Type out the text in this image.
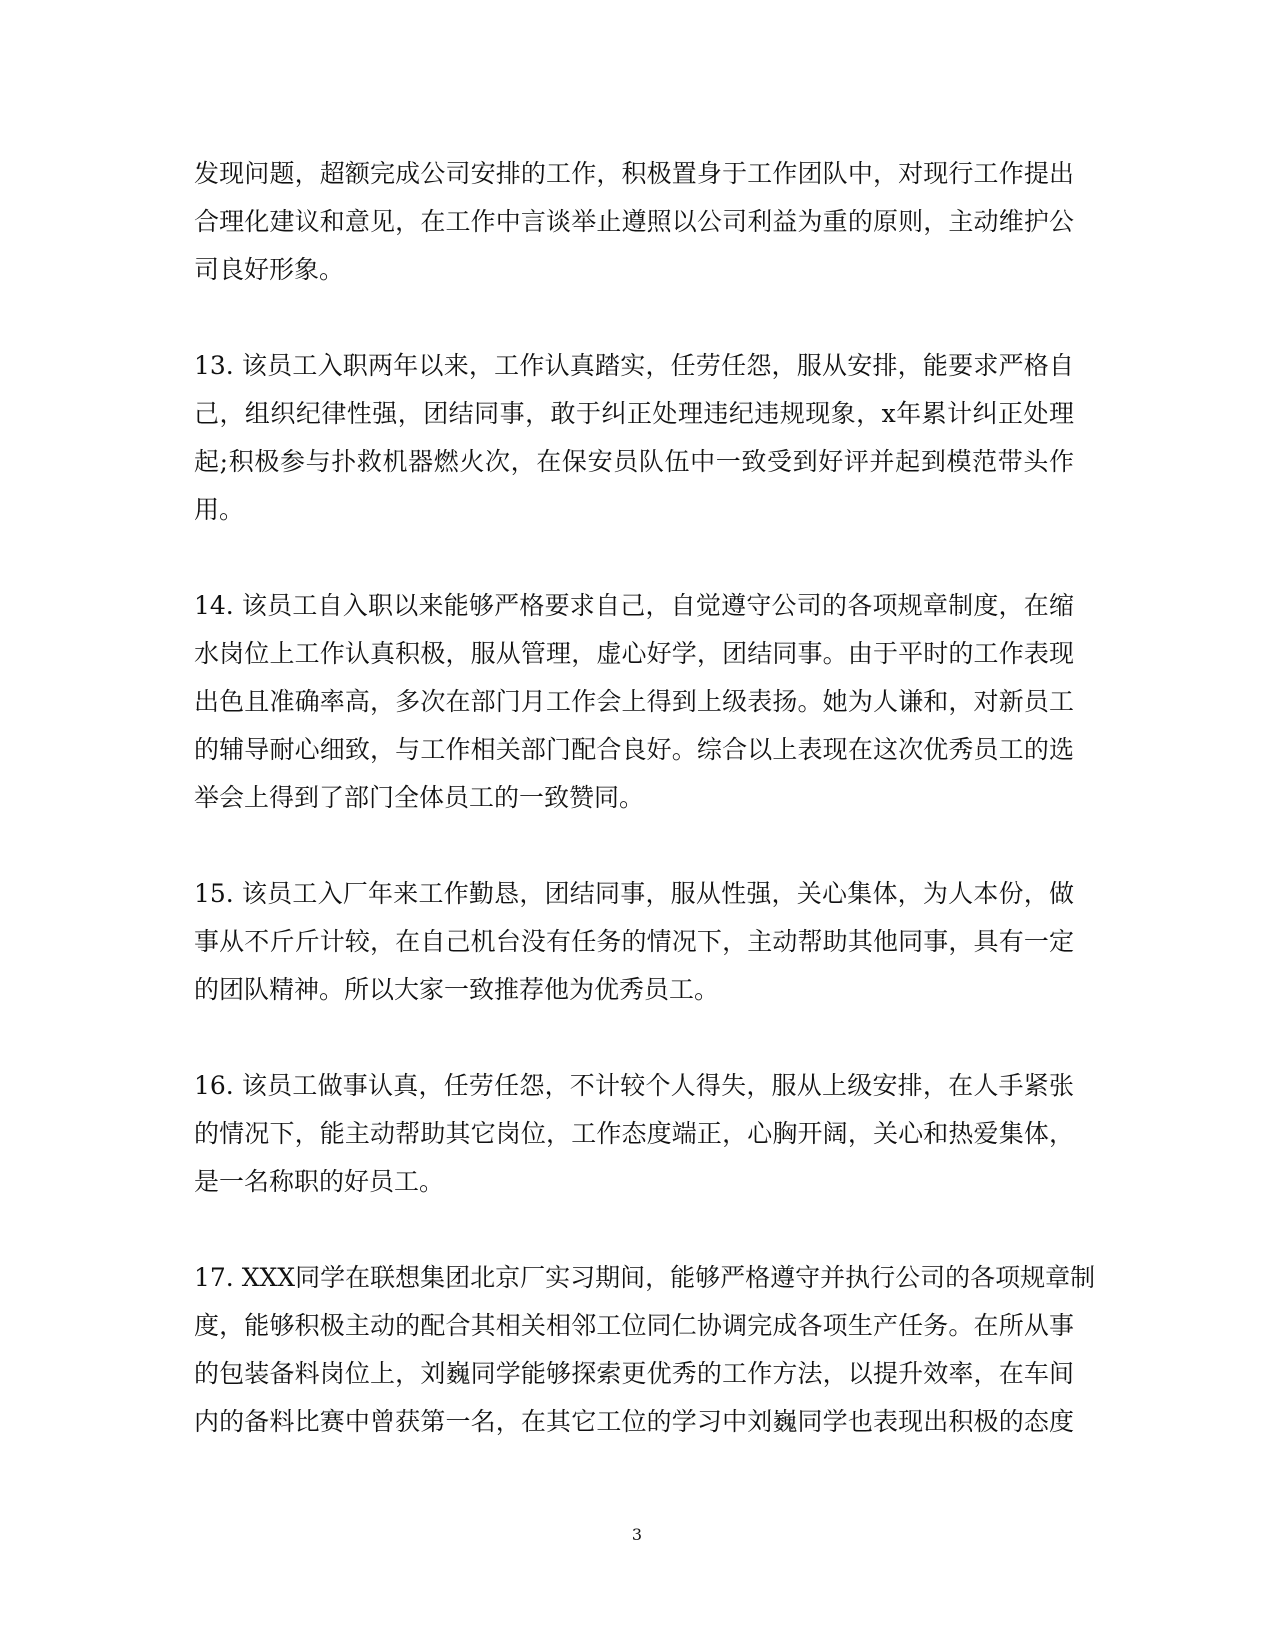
发现问题，超额完成公司安排的工作，积极置身于工作团队中，对现行工作提出
合理化建议和意见，在工作中言谈举止遵照以公司利益为重的原则，主动维护公
司良好形象。
13. 该员工入职两年以来，工作认真踏实，任劳任怨，服从安排，能要求严格自
己，组织纪律性强，团结同事，敢于纠正处理违纪违规现象，x年累计纠正处理
起;积极参与扑救机器燃火次，在保安员队伍中一致受到好评并起到模范带头作
用。
14. 该员工自入职以来能够严格要求自己，自觉遵守公司的各项规章制度，在缩
水岗位上工作认真积极，服从管理，虚心好学，团结同事。由于平时的工作表现
出色且准确率高，多次在部门月工作会上得到上级表扬。她为人谦和，对新员工
的辅导耐心细致，与工作相关部门配合良好。综合以上表现在这次优秀员工的选
举会上得到了部门全体员工的一致赞同。
15. 该员工入厂年来工作勤恳，团结同事，服从性强，关心集体，为人本份，做
事从不斤斤计较，在自己机台没有任务的情况下，主动帮助其他同事，具有一定
的团队精神。所以大家一致推荐他为优秀员工。
16. 该员工做事认真，任劳任怨，不计较个人得失，服从上级安排，在人手紧张
的情况下，能主动帮助其它岗位，工作态度端正，心胸开阔，关心和热爱集体，
是一名称职的好员工。
17. XXX同学在联想集团北京厂实习期间，能够严格遵守并执行公司的各项规章制
度，能够积极主动的配合其相关相邻工位同仁协调完成各项生产任务。在所从事
的包装备料岗位上，刘巍同学能够探索更优秀的工作方法，以提升效率，在车间
内的备料比赛中曾获第一名，在其它工位的学习中刘巍同学也表现出积极的态度
3
